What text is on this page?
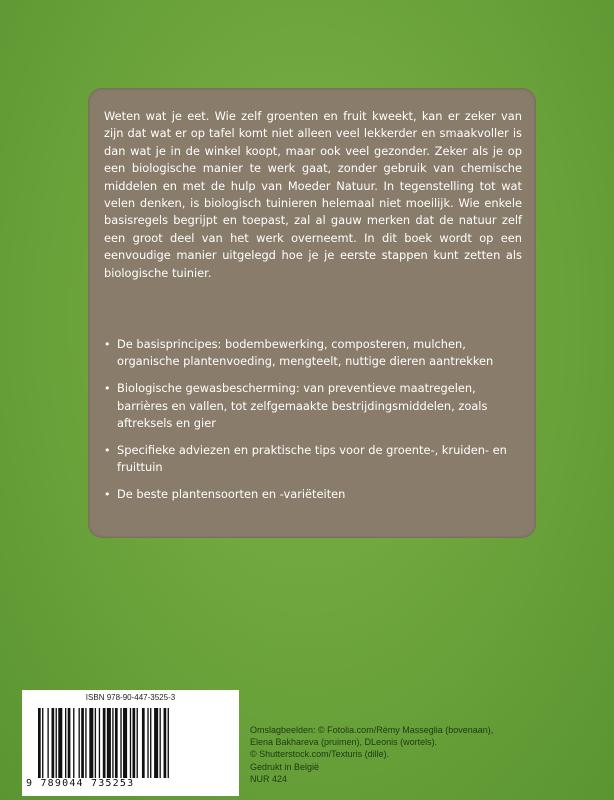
Weten wat je eet. Wie zelf groenten en fruit kweekt, kan er zeker van zijn dat wat er op tafel komt niet alleen veel lekkerder en smaakvoller is dan wat je in de winkel koopt, maar ook veel gezonder. Zeker als je op een biologische manier te werk gaat, zonder gebruik van chemische middelen en met de hulp van Moeder Natuur. In tegenstelling tot wat velen denken, is biologisch tuinieren helemaal niet moeilijk. Wie enkele basisregels begrijpt en toepast, zal al gauw merken dat de natuur zelf een groot deel van het werk overneemt. In dit boek wordt op een eenvoudige manier uitgelegd hoe je je eerste stappen kunt zetten als biologische tuinier.

• De basisprincipes: bodembewerking, composteren, mulchen, organische plantenvoeding, mengteelt, nuttige dieren aantrekken
• Biologische gewasbescherming: van preventieve maatregelen, barrières en vallen, tot zelfgemaakte bestrijdingsmiddelen, zoals aftreksels en gier
• Specifieke adviezen en praktische tips voor de groente-, kruiden- en fruittuin
• De beste plantensoorten en -variëteiten
ISBN 978-90-447-3525-3
9 789044 735253
Omslagbeelden: © Fotolia.com/Rémy Masseglia (bovenaan),
Elena Bakhareva (pruimen), DLeonis (wortels).
© Shutterstock.com/Texturis (dille).
Gedrukt in België
NUR 424
